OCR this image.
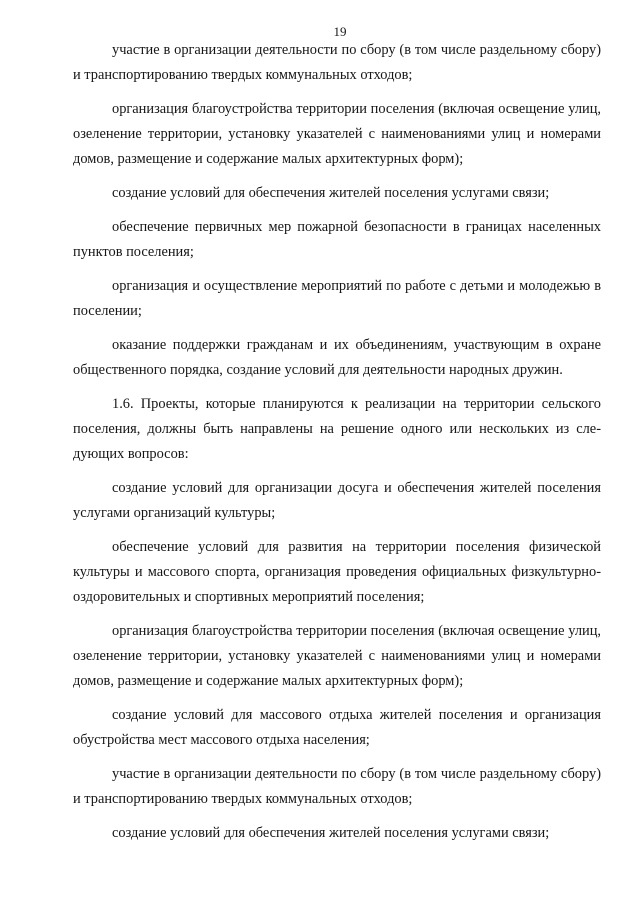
19

участие в организации деятельности по сбору (в том числе раздельному сбору) и транспортированию твердых коммунальных отходов;

организация благоустройства территории поселения (включая освещение улиц, озеленение территории, установку указателей с наименованиями улиц и номерами домов, размещение и содержание малых архитектурных форм);

создание условий для обеспечения жителей поселения услугами связи;

обеспечение первичных мер пожарной безопасности в границах населенных пунктов поселения;

организация и осуществление мероприятий по работе с детьми и молодежью в поселении;

оказание поддержки гражданам и их объединениям, участвующим в охране общественного порядка, создание условий для деятельности народных дружин.

1.6. Проекты, которые планируются к реализации на территории сельского поселения, должны быть направлены на решение одного или нескольких из следующих вопросов:

создание условий для организации досуга и обеспечения жителей поселения услугами организаций культуры;

обеспечение условий для развития на территории поселения физической культуры и массового спорта, организация проведения официальных физкультурно-оздоровительных и спортивных мероприятий поселения;

организация благоустройства территории поселения (включая освещение улиц, озеленение территории, установку указателей с наименованиями улиц и номерами домов, размещение и содержание малых архитектурных форм);

создание условий для массового отдыха жителей поселения и организация обустройства мест массового отдыха населения;

участие в организации деятельности по сбору (в том числе раздельному сбору) и транспортированию твердых коммунальных отходов;

создание условий для обеспечения жителей поселения услугами связи;
